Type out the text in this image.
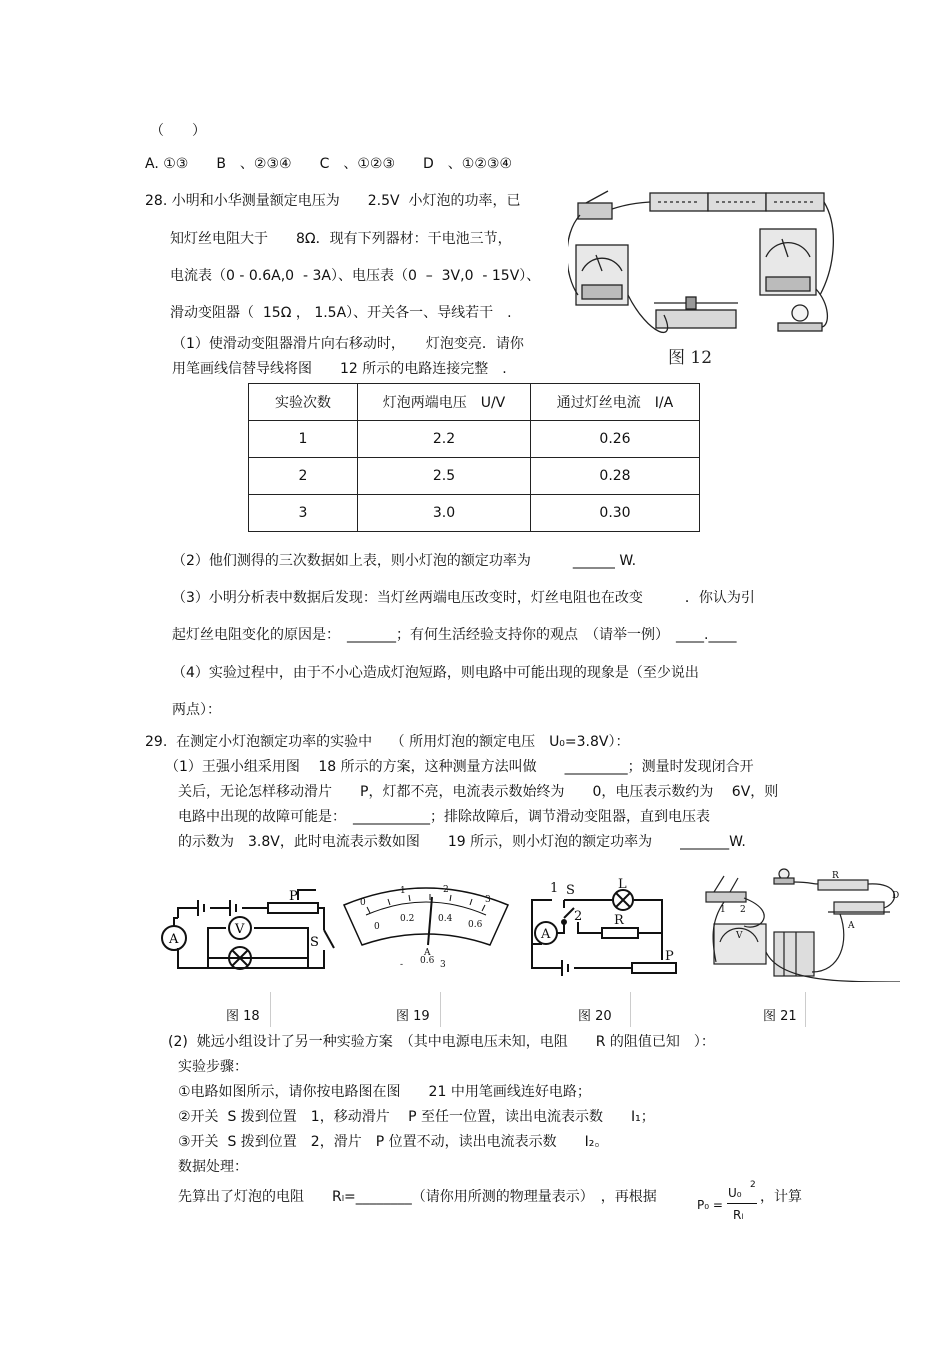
（　　）
A. ①③　　B　、②③④　　C　、①②③　　D　、①②③④
28. 小明和小华测量额定电压为　　2.5V  小灯泡的功率，已
知灯丝电阻大于　　8Ω．现有下列器材：干电池三节，
电流表（0 - 0.6A,0  - 3A）、电压表（0  –  3V,0  - 15V）、
滑动变阻器（  15Ω ， 1.5A）、开关各一、导线若干　.
（1）使滑动变阻器滑片向右移动时，　　灯泡变亮．请你
用笔画线信替导线将图　　12 所示的电路连接完整　.
图 12
实验次数	灯泡两端电压　U/V	通过灯丝电流　I/A
1	2.2	0.26
2	2.5	0.28
3	3.0	0.30
（2）他们测得的三次数据如上表，则小灯泡的额定功率为　　　______ W.
（3）小明分析表中数据后发现：当灯丝两端电压改变时，灯丝电阻也在改变　　　．你认为引
起灯丝电阻变化的原因是：　_______；有何生活经验支持你的观点　（请举一例）　____.____
（4）实验过程中，由于不小心造成灯泡短路，则电路中可能出现的现象是（至少说出
两点）：
29.  在测定小灯泡额定功率的实验中　 （ 所用灯泡的额定电压　U₀=3.8V）：
（1）王强小组采用图　 18 所示的方案，这种测量方法叫做　　_________；测量时发现闭合开
关后，无论怎样移动滑片　　P，灯都不亮，电流表示数始终为　　0，电压表示数约为　 6V，则
电路中出现的故障可能是：　___________；排除故障后，调节滑动变阻器，直到电压表
的示数为　3.8V，此时电流表示数如图　　19 所示，则小灯泡的额定功率为　　_______W.
A
V
P
S
0
1	2
3
0
0.2	0.4
0.6
A
- 0.6 3
1 S	L
2 R
A
P
1 2
R
A
D
V
图 18	图 19	图 20	图 21
(2)  姚远小组设计了另一种实验方案　（其中电源电压未知，电阻　　R 的阻值已知　）：
实验步骤：
①电路如图所示，请你按电路图在图　　21 中用笔画线连好电路；
②开关  S 拨到位置　1，移动滑片　 P 至任一位置，读出电流表示数　　I₁；
③开关  S 拨到位置　2，滑片　P 位置不动，读出电流表示数　　I₂。
数据处理：
先算出了灯泡的电阻　　Rₗ=________（请你用所测的物理量表示）　，再根据	P₀ =
U₀
2
Rₗ
，计算
